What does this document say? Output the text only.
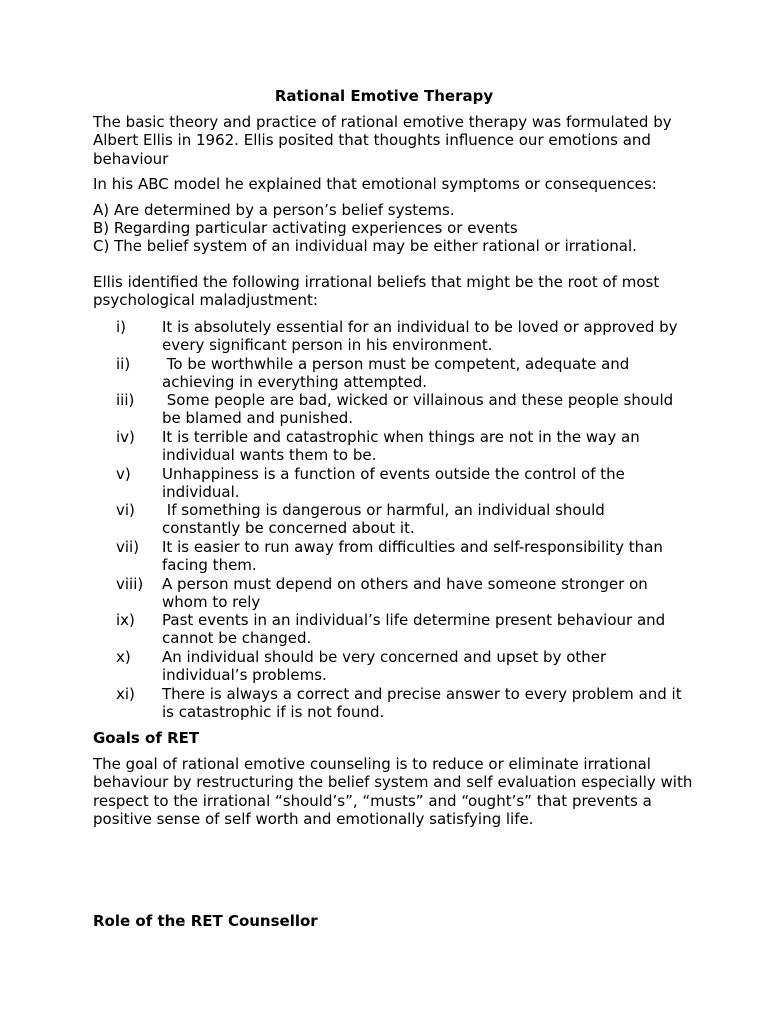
Rational Emotive Therapy

The basic theory and practice of rational emotive therapy was formulated by Albert Ellis in 1962. Ellis posited that thoughts influence our emotions and behaviour

In his ABC model he explained that emotional symptoms or consequences:

A) Are determined by a person’s belief systems.

B) Regarding particular activating experiences or events

C) The belief system of an individual may be either rational or irrational.

Ellis identified the following irrational beliefs that might be the root of most psychological maladjustment:

i) It is absolutely essential for an individual to be loved or approved by every significant person in his environment.

ii) To be worthwhile a person must be competent, adequate and achieving in everything attempted.

iii) Some people are bad, wicked or villainous and these people should be blamed and punished.

iv) It is terrible and catastrophic when things are not in the way an individual wants them to be.

v) Unhappiness is a function of events outside the control of the individual.

vi) If something is dangerous or harmful, an individual should constantly be concerned about it.

vii) It is easier to run away from difficulties and self-responsibility than facing them.

viii) A person must depend on others and have someone stronger on whom to rely

ix) Past events in an individual’s life determine present behaviour and cannot be changed.

x) An individual should be very concerned and upset by other individual’s problems.

xi) There is always a correct and precise answer to every problem and it is catastrophic if is not found.

Goals of RET

The goal of rational emotive counseling is to reduce or eliminate irrational behaviour by restructuring the belief system and self evaluation especially with respect to the irrational “should’s”, “musts” and “ought’s” that prevents a positive sense of self worth and emotionally satisfying life.

Role of the RET Counsellor
